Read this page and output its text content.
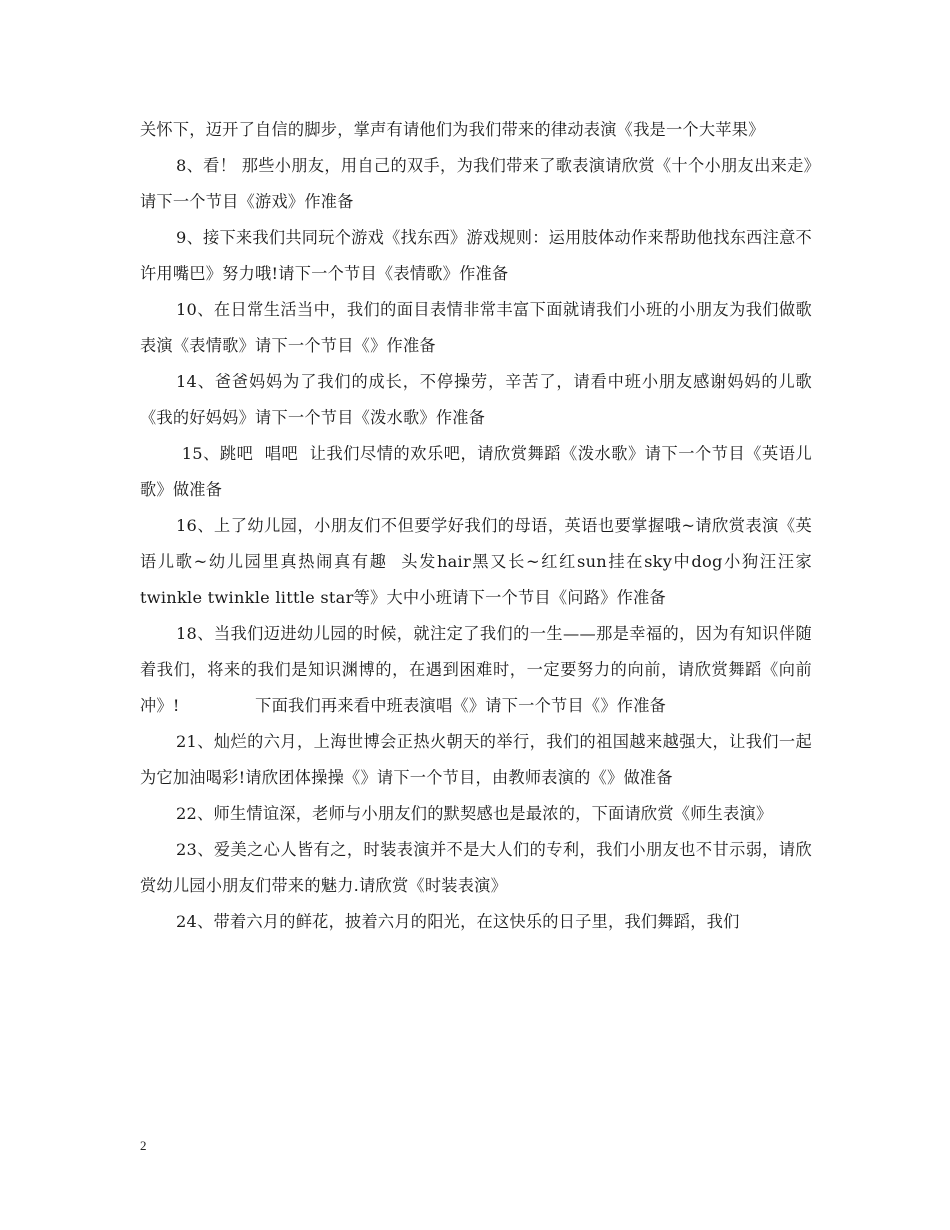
关怀下，迈开了自信的脚步，掌声有请他们为我们带来的律动表演《我是一个大苹果》

8、看！ 那些小朋友，用自己的双手，为我们带来了歌表演请欣赏《十个小朋友出来走》请下一个节目《游戏》作准备

9、接下来我们共同玩个游戏《找东西》游戏规则：运用肢体动作来帮助他找东西注意不许用嘴巴》努力哦!请下一个节目《表情歌》作准备

10、在日常生活当中，我们的面目表情非常丰富下面就请我们小班的小朋友为我们做歌表演《表情歌》请下一个节目《》作准备

14、爸爸妈妈为了我们的成长，不停操劳，辛苦了，请看中班小朋友感谢妈妈的儿歌《我的好妈妈》请下一个节目《泼水歌》作准备

15、跳吧  唱吧  让我们尽情的欢乐吧，请欣赏舞蹈《泼水歌》请下一个节目《英语儿歌》做准备

16、上了幼儿园，小朋友们不但要学好我们的母语，英语也要掌握哦~请欣赏表演《英语儿歌~幼儿园里真热闹真有趣  头发hair黑又长~红红sun挂在sky中dog小狗汪汪家  twinkle twinkle little star等》大中小班请下一个节目《问路》作准备

18、当我们迈进幼儿园的时候，就注定了我们的一生——那是幸福的，因为有知识伴随着我们，将来的我们是知识渊博的，在遇到困难时，一定要努力的向前，请欣赏舞蹈《向前冲》!              下面我们再来看中班表演唱《》请下一个节目《》作准备

21、灿烂的六月，上海世博会正热火朝天的举行，我们的祖国越来越强大，让我们一起为它加油喝彩!请欣团体操操《》请下一个节目，由教师表演的《》做准备

22、师生情谊深，老师与小朋友们的默契感也是最浓的，下面请欣赏《师生表演》

23、爱美之心人皆有之，时装表演并不是大人们的专利，我们小朋友也不甘示弱，请欣赏幼儿园小朋友们带来的魅力.请欣赏《时装表演》

24、带着六月的鲜花，披着六月的阳光，在这快乐的日子里，我们舞蹈，我们

2
